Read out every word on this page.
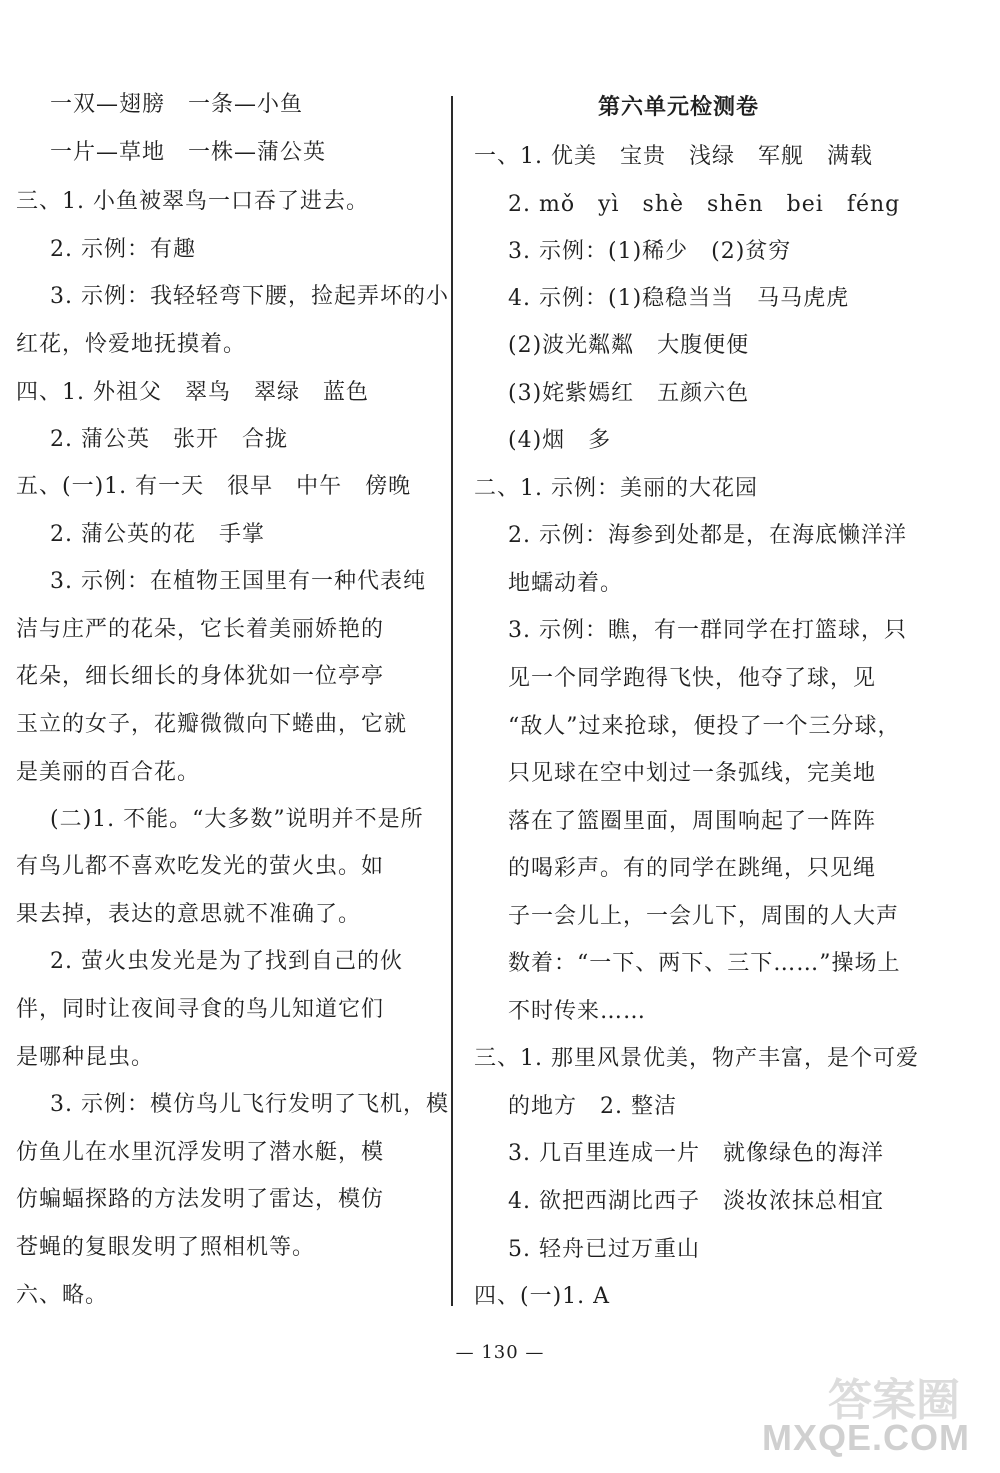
一双—翅膀　一条—小鱼
一片—草地　一株—蒲公英
三、1. 小鱼被翠鸟一口吞了进去。
2. 示例：有趣
3. 示例：我轻轻弯下腰，捡起弄坏的小
红花，怜爱地抚摸着。
四、1. 外祖父　翠鸟　翠绿　蓝色
2. 蒲公英　张开　合拢
五、(一)1. 有一天　很早　中午　傍晚
2. 蒲公英的花　手掌
3. 示例：在植物王国里有一种代表纯
洁与庄严的花朵，它长着美丽娇艳的
花朵，细长细长的身体犹如一位亭亭
玉立的女子，花瓣微微向下蜷曲，它就
是美丽的百合花。
(二)1. 不能。“大多数”说明并不是所
有鸟儿都不喜欢吃发光的萤火虫。如
果去掉，表达的意思就不准确了。
2. 萤火虫发光是为了找到自己的伙
伴，同时让夜间寻食的鸟儿知道它们
是哪种昆虫。
3. 示例：模仿鸟儿飞行发明了飞机，模
仿鱼儿在水里沉浮发明了潜水艇，模
仿蝙蝠探路的方法发明了雷达，模仿
苍蝇的复眼发明了照相机等。
六、略。
第六单元检测卷
一、1. 优美　宝贵　浅绿　军舰　满载
2. mǒ　yì　shè　shēn　bei　féng
3. 示例：(1)稀少　(2)贫穷
4. 示例：(1)稳稳当当　马马虎虎
(2)波光粼粼　大腹便便
(3)姹紫嫣红　五颜六色
(4)烟　多
二、1. 示例：美丽的大花园
2. 示例：海参到处都是，在海底懒洋洋
地蠕动着。
3. 示例：瞧，有一群同学在打篮球，只
见一个同学跑得飞快，他夺了球，见
“敌人”过来抢球，便投了一个三分球，
只见球在空中划过一条弧线，完美地
落在了篮圈里面，周围响起了一阵阵
的喝彩声。有的同学在跳绳，只见绳
子一会儿上，一会儿下，周围的人大声
数着：“一下、两下、三下……”操场上
不时传来……
三、1. 那里风景优美，物产丰富，是个可爱
的地方　2. 整洁
3. 几百里连成一片　就像绿色的海洋
4. 欲把西湖比西子　淡妆浓抹总相宜
5. 轻舟已过万重山
四、(一)1. A
— 130 —
答案圈
MXQE.COM
